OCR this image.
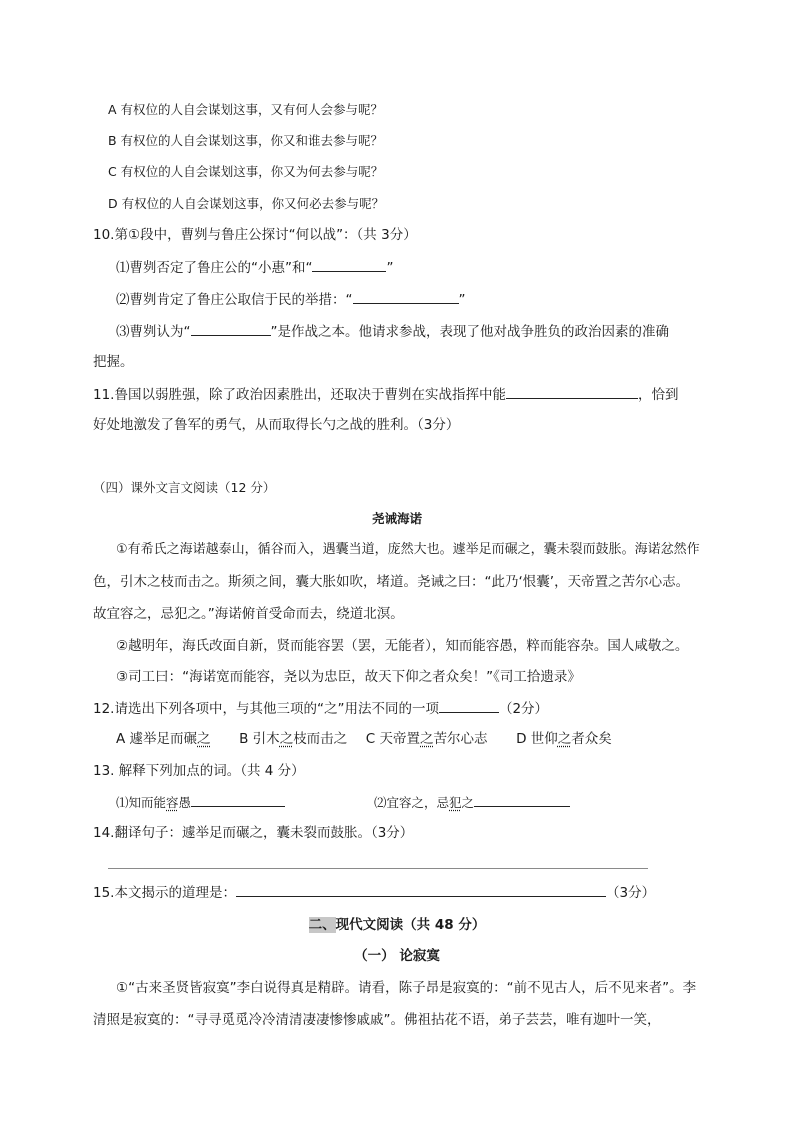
A 有权位的人自会谋划这事，又有何人会参与呢？
B 有权位的人自会谋划这事，你又和谁去参与呢？
C 有权位的人自会谋划这事，你又为何去参与呢？
D 有权位的人自会谋划这事，你又何必去参与呢？
10.第①段中，曹刿与鲁庄公探讨“何以战”：（共 3分）
⑴曹刿否定了鲁庄公的“小惠”和“	”
⑵曹刿肯定了鲁庄公取信于民的举措：“	”
⑶曹刿认为“	”是作战之本。他请求参战，表现了他对战争胜负的政治因素的准确
把握。
11.鲁国以弱胜强，除了政治因素胜出，还取决于曹刿在实战指挥中能	，恰到
好处地激发了鲁军的勇气，从而取得长勺之战的胜利。（3分）
（四）课外文言文阅读（12 分）
尧诫海诺
①有希氏之海诺越泰山，循谷而入，遇囊当道，庞然大也。遽举足而碾之，囊未裂而鼓胀。海诺忿然作
色，引木之枝而击之。斯须之间，囊大胀如吹，堵道。尧诫之曰：“此乃‘恨囊’，天帝置之苦尔心志。
故宜容之，忌犯之。”海诺俯首受命而去，绕道北溟。
②越明年，海氏改面自新，贤而能容罢（罢，无能者），知而能容愚，粹而能容杂。国人咸敬之。
③司工曰：“海诺宽而能容，尧以为忠臣，故天下仰之者众矣！”《司工拾遗录》
12.请选出下列各项中，与其他三项的“之”用法不同的一项	（2分）
A 遽举足而碾之 B 引木之枝而击之 C 天帝置之苦尔心志 D 世仰之者众矣
13. 解释下列加点的词。（共 4 分）
⑴知而能容愚	⑵宜容之，忌犯之
14.翻译句子：遽举足而碾之，囊未裂而鼓胀。（3分）
15.本文揭示的道理是：	（3分）
二、现代文阅读（共 48 分）
（一） 论寂寞
①“古来圣贤皆寂寞”李白说得真是精辟。请看，陈子昂是寂寞的：“前不见古人，后不见来者”。李
清照是寂寞的：“寻寻觅觅冷冷清清凄凄惨惨戚戚”。佛祖拈花不语，弟子芸芸，唯有迦叶一笑，
